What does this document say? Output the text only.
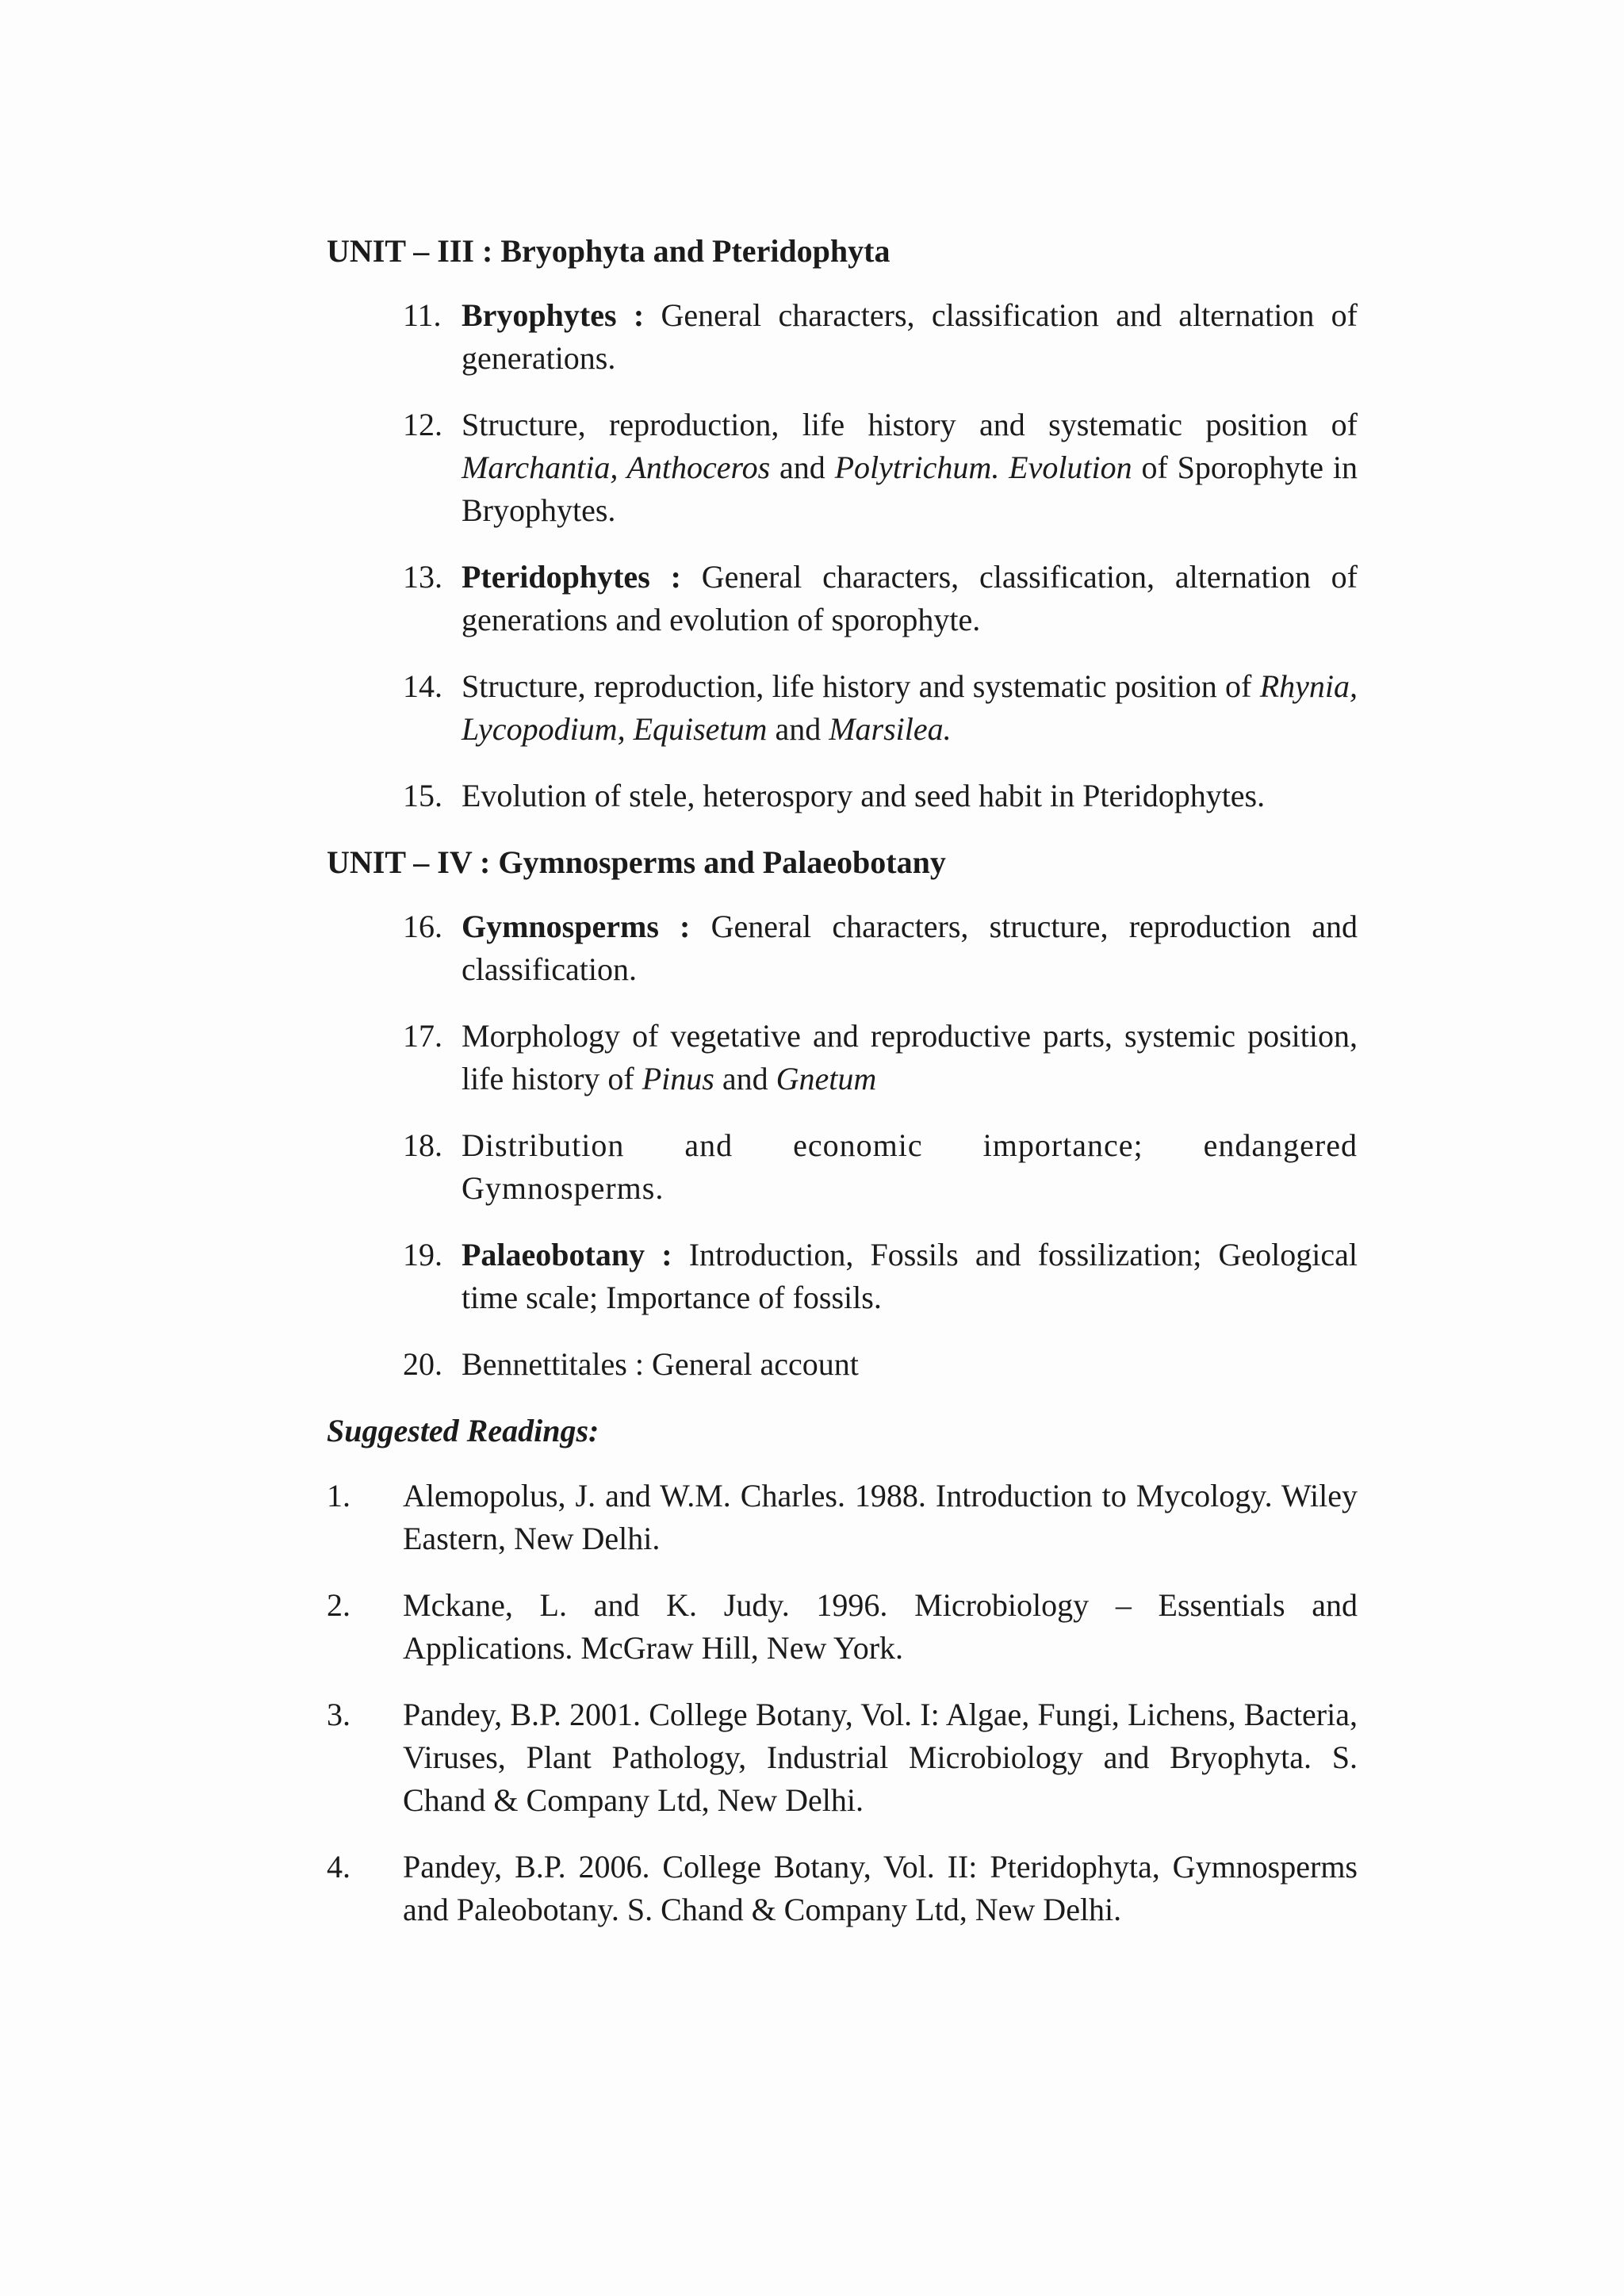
UNIT – III : Bryophyta and Pteridophyta
11. Bryophytes : General characters, classification and alternation of generations.
12. Structure, reproduction, life history and systematic position of Marchantia, Anthoceros and Polytrichum. Evolution of Sporophyte in Bryophytes.
13. Pteridophytes : General characters, classification, alternation of generations and evolution of sporophyte.
14. Structure, reproduction, life history and systematic position of Rhynia, Lycopodium, Equisetum and Marsilea.
15. Evolution of stele, heterospory and seed habit in Pteridophytes.
UNIT – IV : Gymnosperms and Palaeobotany
16. Gymnosperms : General characters, structure, reproduction and classification.
17. Morphology of vegetative and reproductive parts, systemic position, life history of Pinus and Gnetum
18. Distribution and economic importance; endangered Gymnosperms.
19. Palaeobotany : Introduction, Fossils and fossilization; Geological time scale; Importance of fossils.
20. Bennettitales : General account
Suggested Readings:
1.	Alemopolus, J. and W.M. Charles. 1988. Introduction to Mycology. Wiley Eastern, New Delhi.
2.	Mckane, L. and K. Judy. 1996. Microbiology – Essentials and Applications. McGraw Hill, New York.
3.	Pandey, B.P. 2001. College Botany, Vol. I: Algae, Fungi, Lichens, Bacteria, Viruses, Plant Pathology, Industrial Microbiology and Bryophyta. S. Chand & Company Ltd, New Delhi.
4.	Pandey, B.P. 2006. College Botany, Vol. II: Pteridophyta, Gymnosperms and Paleobotany. S. Chand & Company Ltd, New Delhi.
